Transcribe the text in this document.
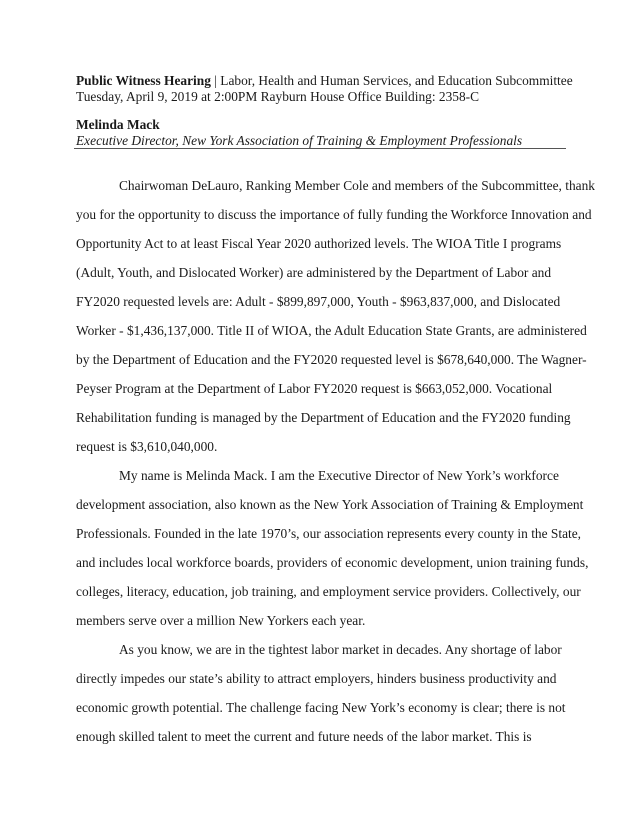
Public Witness Hearing | Labor, Health and Human Services, and Education Subcommittee
Tuesday, April 9, 2019 at 2:00PM Rayburn House Office Building: 2358-C
Melinda Mack
Executive Director, New York Association of Training & Employment Professionals
Chairwoman DeLauro, Ranking Member Cole and members of the Subcommittee, thank
you for the opportunity to discuss the importance of fully funding the Workforce Innovation and
Opportunity Act to at least Fiscal Year 2020 authorized levels. The WIOA Title I programs
(Adult, Youth, and Dislocated Worker) are administered by the Department of Labor and
FY2020 requested levels are: Adult - $899,897,000, Youth - $963,837,000, and Dislocated
Worker - $1,436,137,000. Title II of WIOA, the Adult Education State Grants, are administered
by the Department of Education and the FY2020 requested level is $678,640,000. The Wagner-
Peyser Program at the Department of Labor FY2020 request is $663,052,000. Vocational
Rehabilitation funding is managed by the Department of Education and the FY2020 funding
request is $3,610,040,000.
My name is Melinda Mack. I am the Executive Director of New York’s workforce
development association, also known as the New York Association of Training & Employment
Professionals. Founded in the late 1970’s, our association represents every county in the State,
and includes local workforce boards, providers of economic development, union training funds,
colleges, literacy, education, job training, and employment service providers. Collectively, our
members serve over a million New Yorkers each year.
As you know, we are in the tightest labor market in decades. Any shortage of labor
directly impedes our state’s ability to attract employers, hinders business productivity and
economic growth potential. The challenge facing New York’s economy is clear; there is not
enough skilled talent to meet the current and future needs of the labor market. This is
